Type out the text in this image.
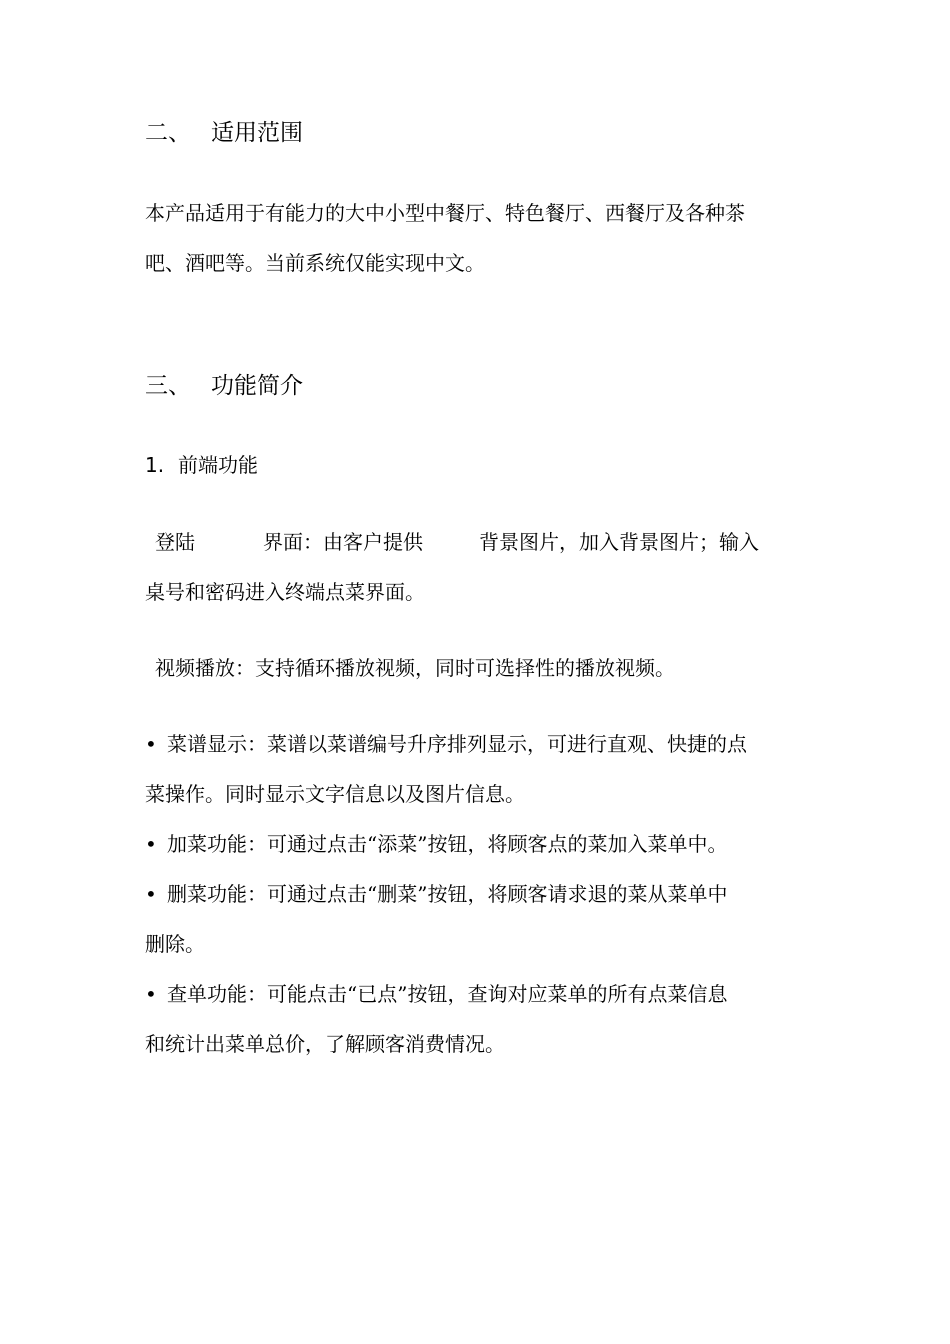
二、 适用范围
本产品适用于有能力的大中小型中餐厅、特色餐厅、西餐厅及各种茶
吧、酒吧等。当前系统仅能实现中文。
三、 功能简介
1. 前端功能
登陆	界面：由客户提供	背景图片，加入背景图片；输入
桌号和密码进入终端点菜界面。
视频播放：支持循环播放视频，同时可选择性的播放视频。
• 菜谱显示：菜谱以菜谱编号升序排列显示，可进行直观、快捷的点
菜操作。同时显示文字信息以及图片信息。
• 加菜功能：可通过点击“添菜”按钮，将顾客点的菜加入菜单中。
• 删菜功能：可通过点击“删菜”按钮，将顾客请求退的菜从菜单中
删除。
• 查单功能：可能点击“已点”按钮，查询对应菜单的所有点菜信息
和统计出菜单总价，了解顾客消费情况。
